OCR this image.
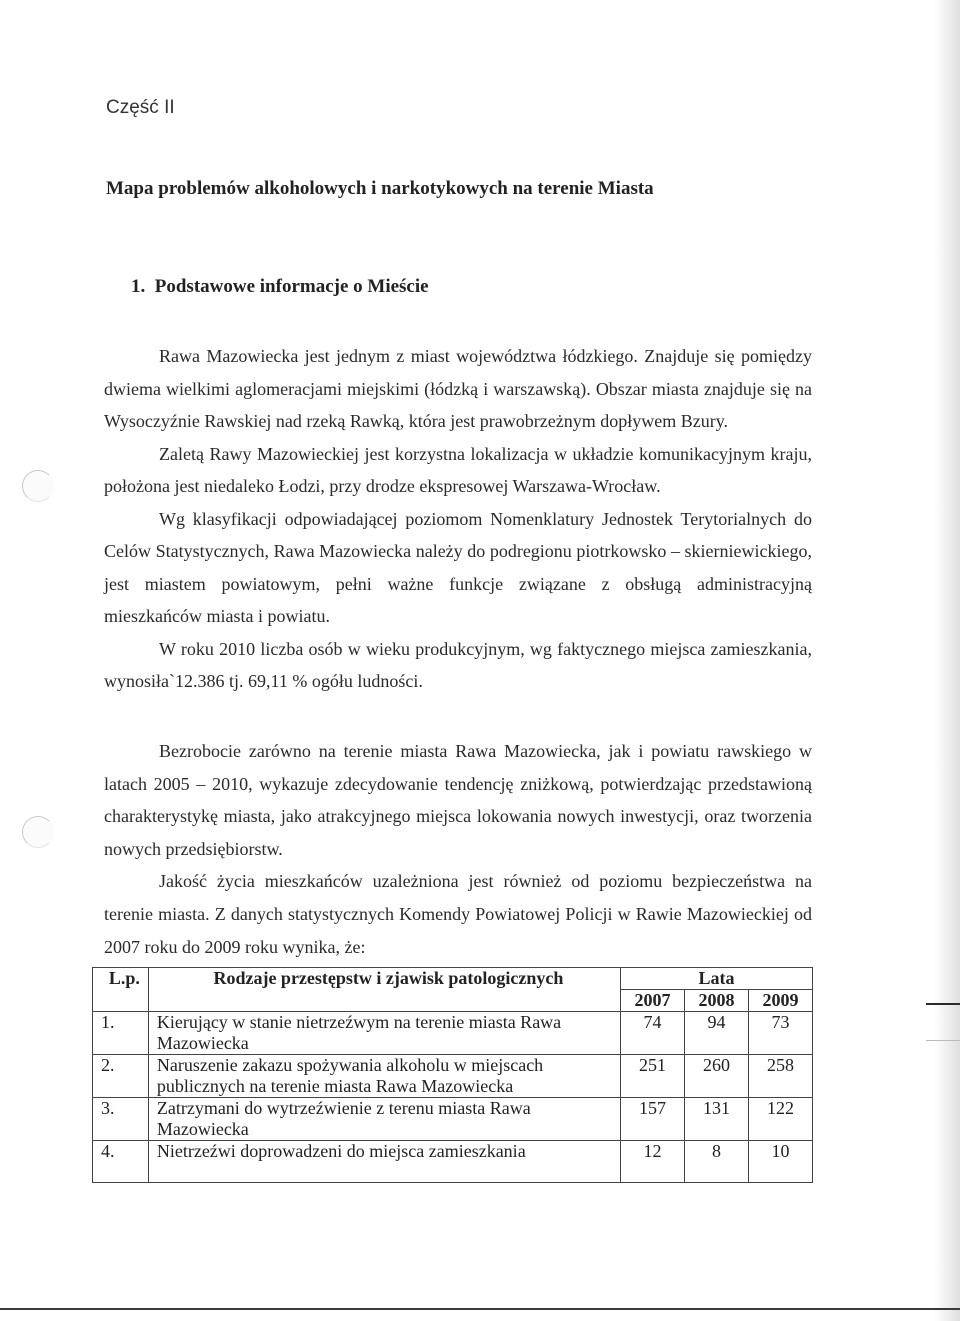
Część II
Mapa problemów alkoholowych i narkotykowych na terenie Miasta
1. Podstawowe informacje o Mieście

Rawa Mazowiecka jest jednym z miast województwa łódzkiego. Znajduje się pomiędzy dwiema wielkimi aglomeracjami miejskimi (łódzką i warszawską). Obszar miasta znajduje się na Wysoczyźnie Rawskiej nad rzeką Rawką, która jest prawobrzeżnym dopływem Bzury.

Zaletą Rawy Mazowieckiej jest korzystna lokalizacja w układzie komunikacyjnym kraju, położona jest niedaleko Łodzi, przy drodze ekspresowej Warszawa-Wrocław.

Wg klasyfikacji odpowiadającej poziomom Nomenklatury Jednostek Terytorialnych do Celów Statystycznych, Rawa Mazowiecka należy do podregionu piotrkowsko – skierniewickiego, jest miastem powiatowym, pełni ważne funkcje związane z obsługą administracyjną mieszkańców miasta i powiatu.

W roku 2010 liczba osób w wieku produkcyjnym, wg faktycznego miejsca zamieszkania, wynosiła`12.386 tj. 69,11 % ogółu ludności.

Bezrobocie zarówno na terenie miasta Rawa Mazowiecka, jak i powiatu rawskiego w latach 2005 – 2010, wykazuje zdecydowanie tendencję zniżkową, potwierdzając przedstawioną charakterystykę miasta, jako atrakcyjnego miejsca lokowania nowych inwestycji, oraz tworzenia nowych przedsiębiorstw.

Jakość życia mieszkańców uzależniona jest również od poziomu bezpieczeństwa na terenie miasta. Z danych statystycznych Komendy Powiatowej Policji w Rawie Mazowieckiej od 2007 roku do 2009 roku wynika, że:

L.p.	Rodzaje przestępstw i zjawisk patologicznych	Lata		
		2007	2008	2009
1.	Kierujący w stanie nietrzeźwym na terenie miasta Rawa Mazowiecka	74	94	73
2.	Naruszenie zakazu spożywania alkoholu w miejscach publicznych na terenie miasta Rawa Mazowiecka	251	260	258
3.	Zatrzymani do wytrzeźwienie z terenu miasta Rawa Mazowiecka	157	131	122
4.	Nietrzeźwi doprowadzeni do miejsca zamieszkania	12	8	10
